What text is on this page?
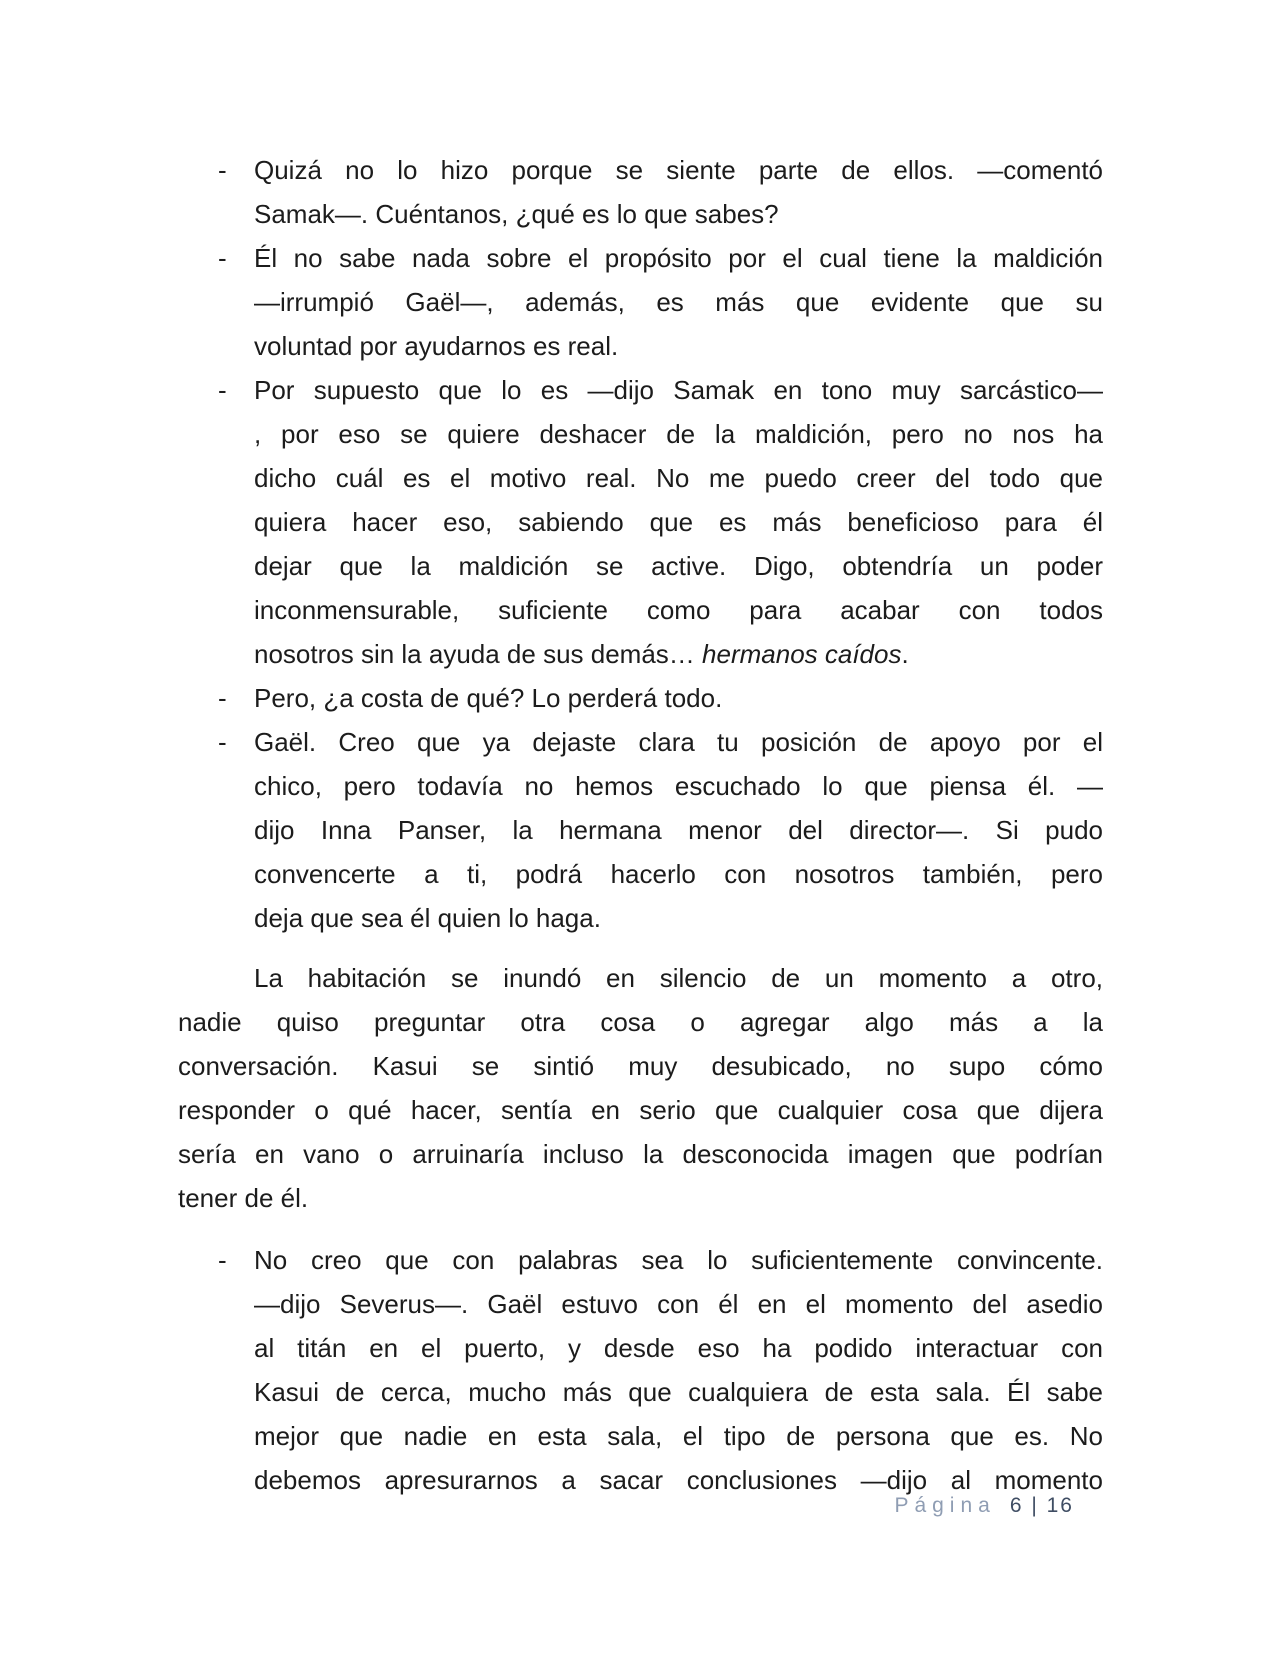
- Quizá no lo hizo porque se siente parte de ellos. —comentó
Samak—. Cuéntanos, ¿qué es lo que sabes?
- Él no sabe nada sobre el propósito por el cual tiene la maldición
—irrumpió Gaël—, además, es más que evidente que su
voluntad por ayudarnos es real.
- Por supuesto que lo es —dijo Samak en tono muy sarcástico—
, por eso se quiere deshacer de la maldición, pero no nos ha
dicho cuál es el motivo real. No me puedo creer del todo que
quiera hacer eso, sabiendo que es más beneficioso para él
dejar que la maldición se active. Digo, obtendría un poder
inconmensurable, suficiente como para acabar con todos
nosotros sin la ayuda de sus demás… hermanos caídos.
- Pero, ¿a costa de qué? Lo perderá todo.
- Gaël. Creo que ya dejaste clara tu posición de apoyo por el
chico, pero todavía no hemos escuchado lo que piensa él. —
dijo Inna Panser, la hermana menor del director—. Si pudo
convencerte a ti, podrá hacerlo con nosotros también, pero
deja que sea él quien lo haga.
La habitación se inundó en silencio de un momento a otro,
nadie quiso preguntar otra cosa o agregar algo más a la
conversación. Kasui se sintió muy desubicado, no supo cómo
responder o qué hacer, sentía en serio que cualquier cosa que dijera
sería en vano o arruinaría incluso la desconocida imagen que podrían
tener de él.
- No creo que con palabras sea lo suficientemente convincente.
—dijo Severus—. Gaël estuvo con él en el momento del asedio
al titán en el puerto, y desde eso ha podido interactuar con
Kasui de cerca, mucho más que cualquiera de esta sala. Él sabe
mejor que nadie en esta sala, el tipo de persona que es. No
debemos apresurarnos a sacar conclusiones —dijo al momento
Página 6 | 16
